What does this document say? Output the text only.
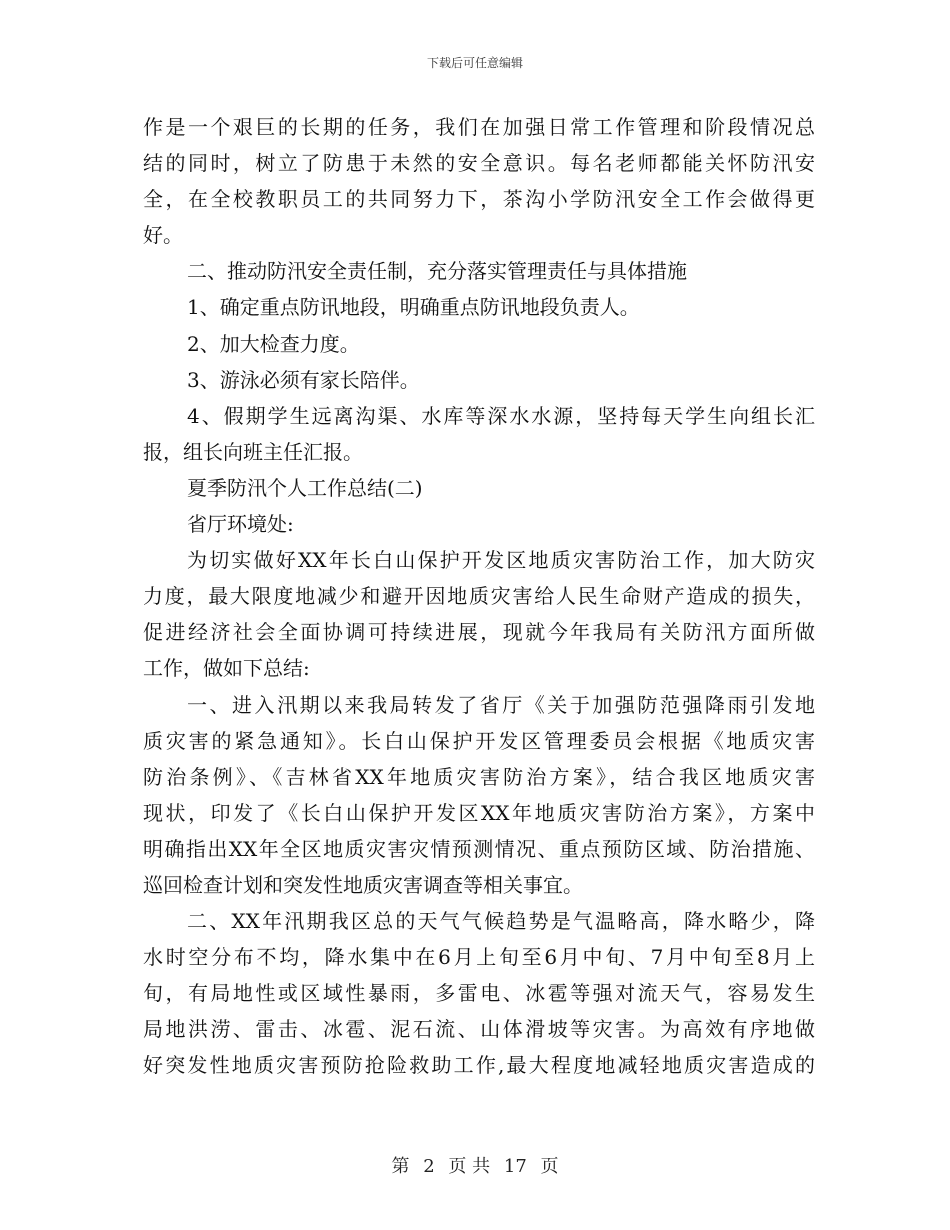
下载后可任意编辑
作是一个艰巨的长期的任务，我们在加强日常工作管理和阶段情况总
结的同时，树立了防患于未然的安全意识。每名老师都能关怀防汛安
全，在全校教职员工的共同努力下，茶沟小学防汛安全工作会做得更
好。
二、推动防汛安全责任制，充分落实管理责任与具体措施
1、确定重点防讯地段，明确重点防讯地段负责人。
2、加大检查力度。
3、游泳必须有家长陪伴。
4、假期学生远离沟渠、水库等深水水源，坚持每天学生向组长汇
报，组长向班主任汇报。
夏季防汛个人工作总结(二)
省厅环境处:
为切实做好XX年长白山保护开发区地质灾害防治工作，加大防灾
力度，最大限度地减少和避开因地质灾害给人民生命财产造成的损失，
促进经济社会全面协调可持续进展，现就今年我局有关防汛方面所做
工作，做如下总结:
一、进入汛期以来我局转发了省厅《关于加强防范强降雨引发地
质灾害的紧急通知》。长白山保护开发区管理委员会根据《地质灾害
防治条例》、《吉林省XX年地质灾害防治方案》，结合我区地质灾害
现状，印发了《长白山保护开发区XX年地质灾害防治方案》，方案中
明确指出XX年全区地质灾害灾情预测情况、重点预防区域、防治措施、
巡回检查计划和突发性地质灾害调查等相关事宜。
二、XX年汛期我区总的天气气候趋势是气温略高，降水略少，降
水时空分布不均，降水集中在6月上旬至6月中旬、7月中旬至8月上
旬，有局地性或区域性暴雨，多雷电、冰雹等强对流天气，容易发生
局地洪涝、雷击、冰雹、泥石流、山体滑坡等灾害。为高效有序地做
好突发性地质灾害预防抢险救助工作,最大程度地减轻地质灾害造成的
第 2 页 共 17 页
